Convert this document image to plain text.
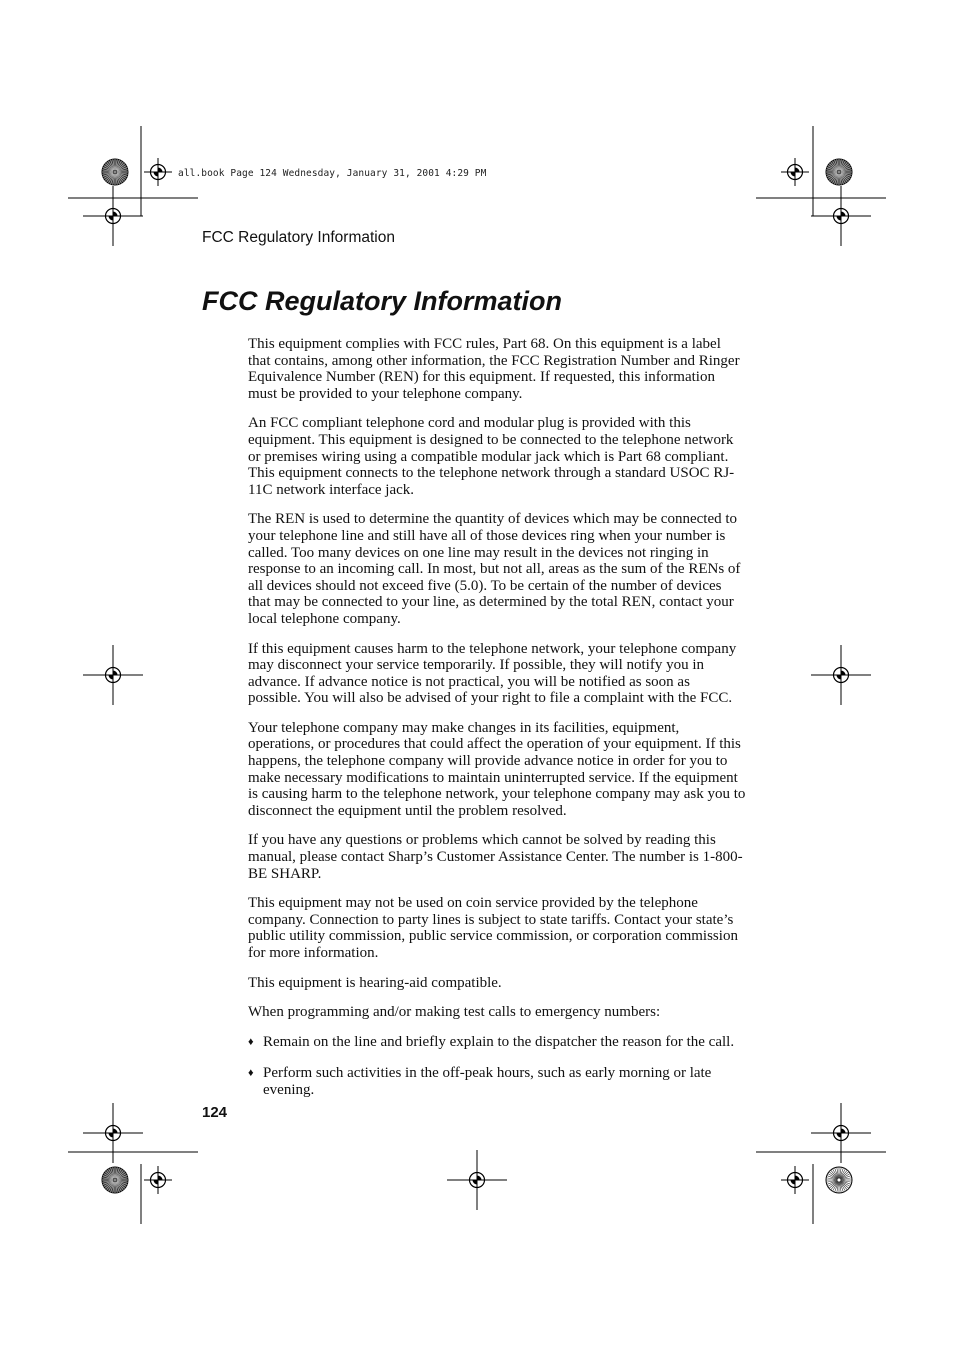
all.book Page 124 Wednesday, January 31, 2001 4:29 PM
FCC Regulatory Information
FCC Regulatory Information

This equipment complies with FCC rules, Part 68. On this equipment is a label that contains, among other information, the FCC Registration Number and Ringer Equivalence Number (REN) for this equipment. If requested, this information must be provided to your telephone company.

An FCC compliant telephone cord and modular plug is provided with this equipment. This equipment is designed to be connected to the telephone network or premises wiring using a compatible modular jack which is Part 68 compliant. This equipment connects to the telephone network through a standard USOC RJ-11C network interface jack.

The REN is used to determine the quantity of devices which may be connected to your telephone line and still have all of those devices ring when your number is called. Too many devices on one line may result in the devices not ringing in response to an incoming call. In most, but not all, areas as the sum of the RENs of all devices should not exceed five (5.0). To be certain of the number of devices that may be connected to your line, as determined by the total REN, contact your local telephone company.

If this equipment causes harm to the telephone network, your telephone company may disconnect your service temporarily. If possible, they will notify you in advance. If advance notice is not practical, you will be notified as soon as possible. You will also be advised of your right to file a complaint with the FCC.

Your telephone company may make changes in its facilities, equipment, operations, or procedures that could affect the operation of your equipment. If this happens, the telephone company will provide advance notice in order for you to make necessary modifications to maintain uninterrupted service. If the equipment is causing harm to the telephone network, your telephone company may ask you to disconnect the equipment until the problem resolved.

If you have any questions or problems which cannot be solved by reading this manual, please contact Sharp’s Customer Assistance Center. The number is 1-800-BE SHARP.

This equipment may not be used on coin service provided by the telephone company. Connection to party lines is subject to state tariffs. Contact your state’s public utility commission, public service commission, or corporation commission for more information.

This equipment is hearing-aid compatible.

When programming and/or making test calls to emergency numbers:

♦ Remain on the line and briefly explain to the dispatcher the reason for the call.
♦ Perform such activities in the off-peak hours, such as early morning or late evening.
124
